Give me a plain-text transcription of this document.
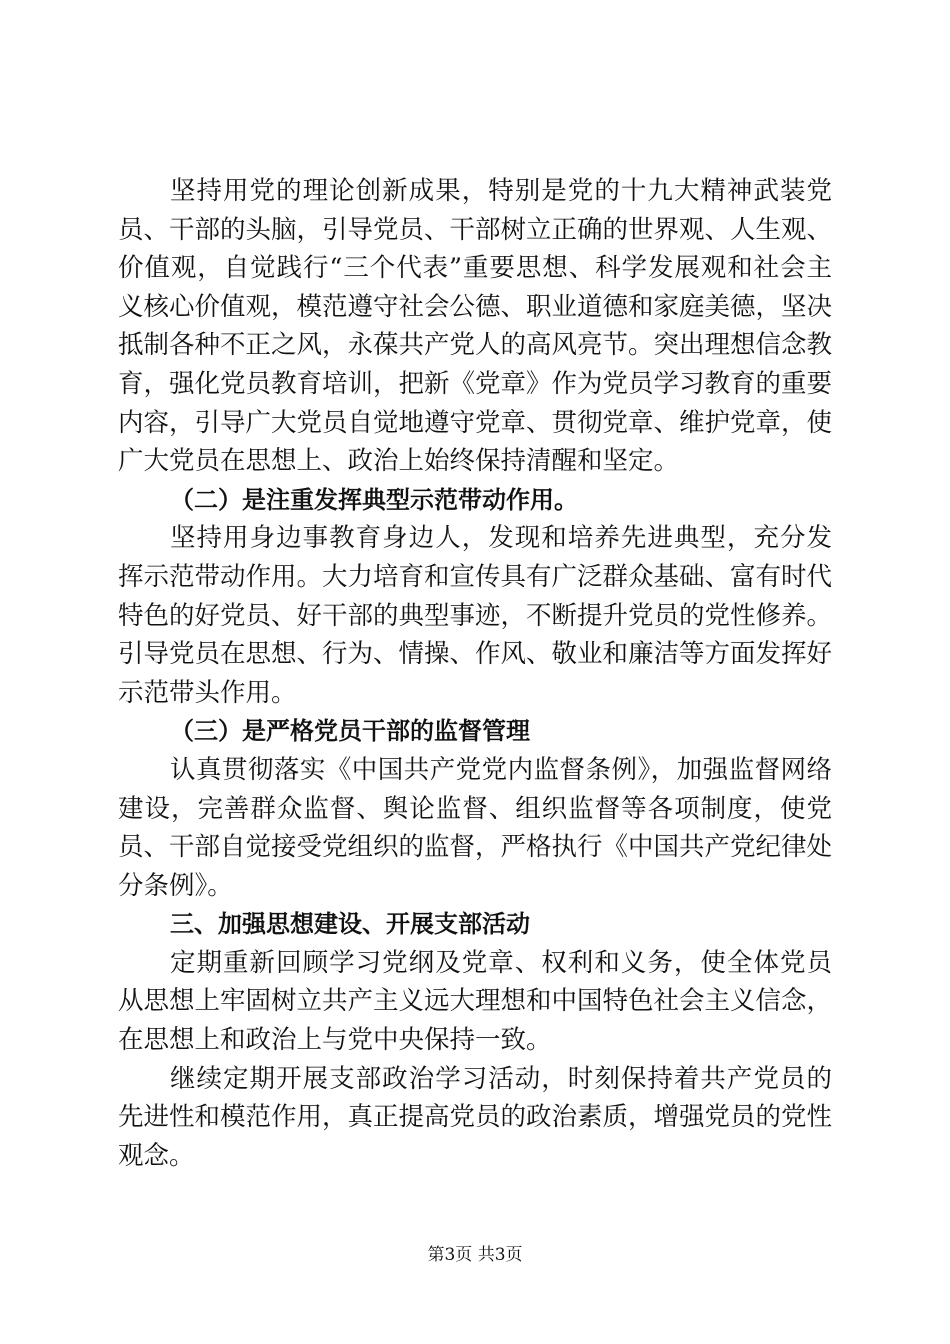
坚持用党的理论创新成果，特别是党的十九大精神武装党员、干部的头脑，引导党员、干部树立正确的世界观、人生观、价值观，自觉践行“三个代表”重要思想、科学发展观和社会主义核心价值观，模范遵守社会公德、职业道德和家庭美德，坚决抵制各种不正之风，永葆共产党人的高风亮节。突出理想信念教育，强化党员教育培训，把新《党章》作为党员学习教育的重要内容，引导广大党员自觉地遵守党章、贯彻党章、维护党章，使广大党员在思想上、政治上始终保持清醒和坚定。

（二）是注重发挥典型示范带动作用。

坚持用身边事教育身边人，发现和培养先进典型，充分发挥示范带动作用。大力培育和宣传具有广泛群众基础、富有时代特色的好党员、好干部的典型事迹，不断提升党员的党性修养。引导党员在思想、行为、情操、作风、敬业和廉洁等方面发挥好示范带头作用。

（三）是严格党员干部的监督管理

认真贯彻落实《中国共产党党内监督条例》，加强监督网络建设，完善群众监督、舆论监督、组织监督等各项制度，使党员、干部自觉接受党组织的监督，严格执行《中国共产党纪律处分条例》。

三、加强思想建设、开展支部活动

定期重新回顾学习党纲及党章、权利和义务，使全体党员从思想上牢固树立共产主义远大理想和中国特色社会主义信念，在思想上和政治上与党中央保持一致。

继续定期开展支部政治学习活动，时刻保持着共产党员的先进性和模范作用，真正提高党员的政治素质，增强党员的党性观念。

第3页 共3页
